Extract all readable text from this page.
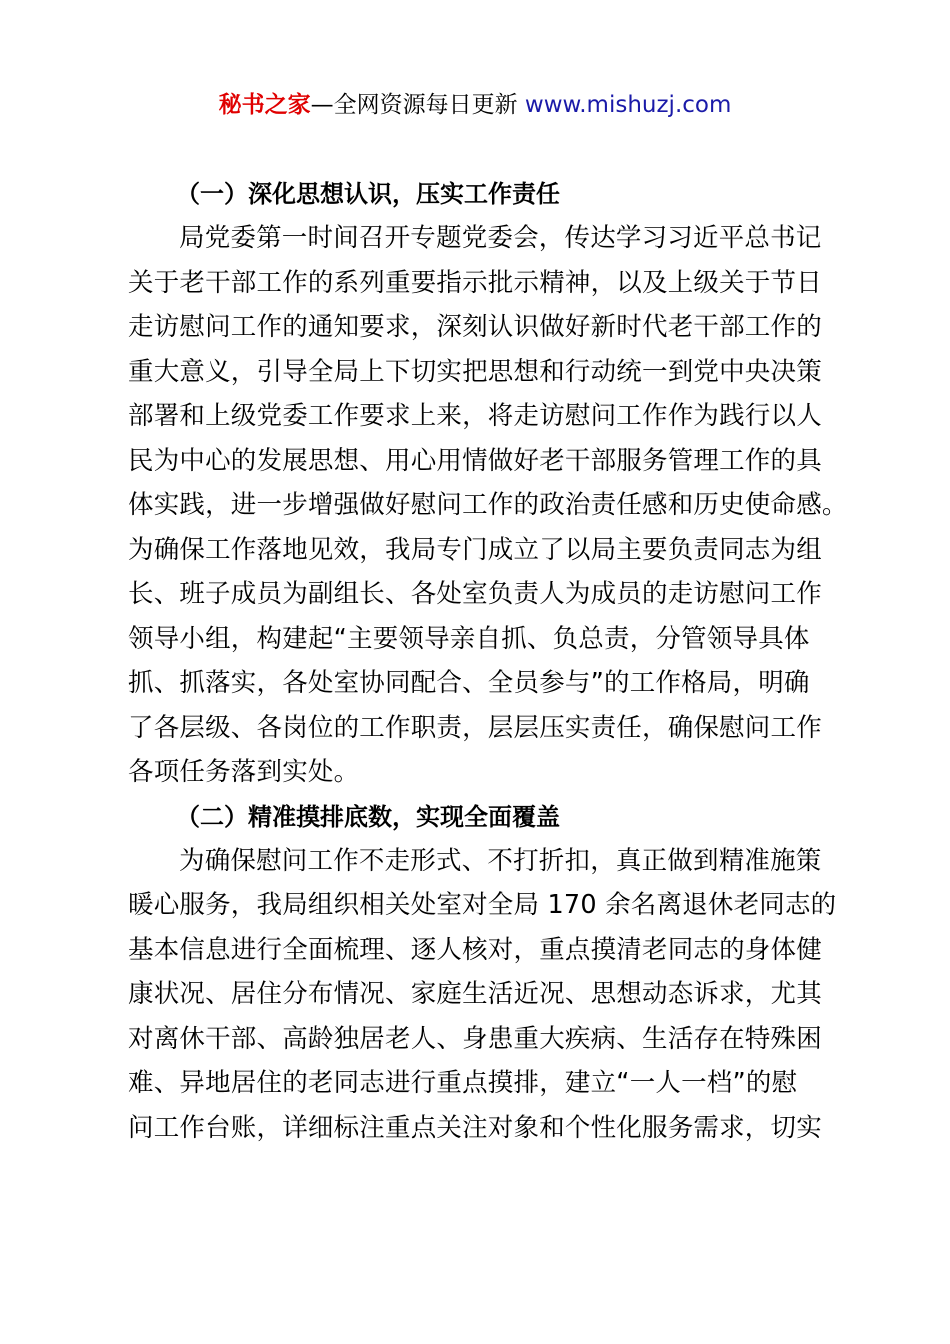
秘书之家—全网资源每日更新 www.mishuzj.com

（一）深化思想认识，压实工作责任

局党委第一时间召开专题党委会，传达学习习近平总书记

关于老干部工作的系列重要指示批示精神，以及上级关于节日

走访慰问工作的通知要求，深刻认识做好新时代老干部工作的

重大意义，引导全局上下切实把思想和行动统一到党中央决策

部署和上级党委工作要求上来，将走访慰问工作作为践行以人

民为中心的发展思想、用心用情做好老干部服务管理工作的具

体实践，进一步增强做好慰问工作的政治责任感和历史使命感。

为确保工作落地见效，我局专门成立了以局主要负责同志为组

长、班子成员为副组长、各处室负责人为成员的走访慰问工作

领导小组，构建起“主要领导亲自抓、负总责，分管领导具体

抓、抓落实，各处室协同配合、全员参与”的工作格局，明确

了各层级、各岗位的工作职责，层层压实责任，确保慰问工作

各项任务落到实处。

（二）精准摸排底数，实现全面覆盖

为确保慰问工作不走形式、不打折扣，真正做到精准施策

暖心服务，我局组织相关处室对全局 170 余名离退休老同志的

基本信息进行全面梳理、逐人核对，重点摸清老同志的身体健

康状况、居住分布情况、家庭生活近况、思想动态诉求，尤其

对离休干部、高龄独居老人、身患重大疾病、生活存在特殊困

难、异地居住的老同志进行重点摸排，建立“一人一档”的慰

问工作台账，详细标注重点关注对象和个性化服务需求，切实
